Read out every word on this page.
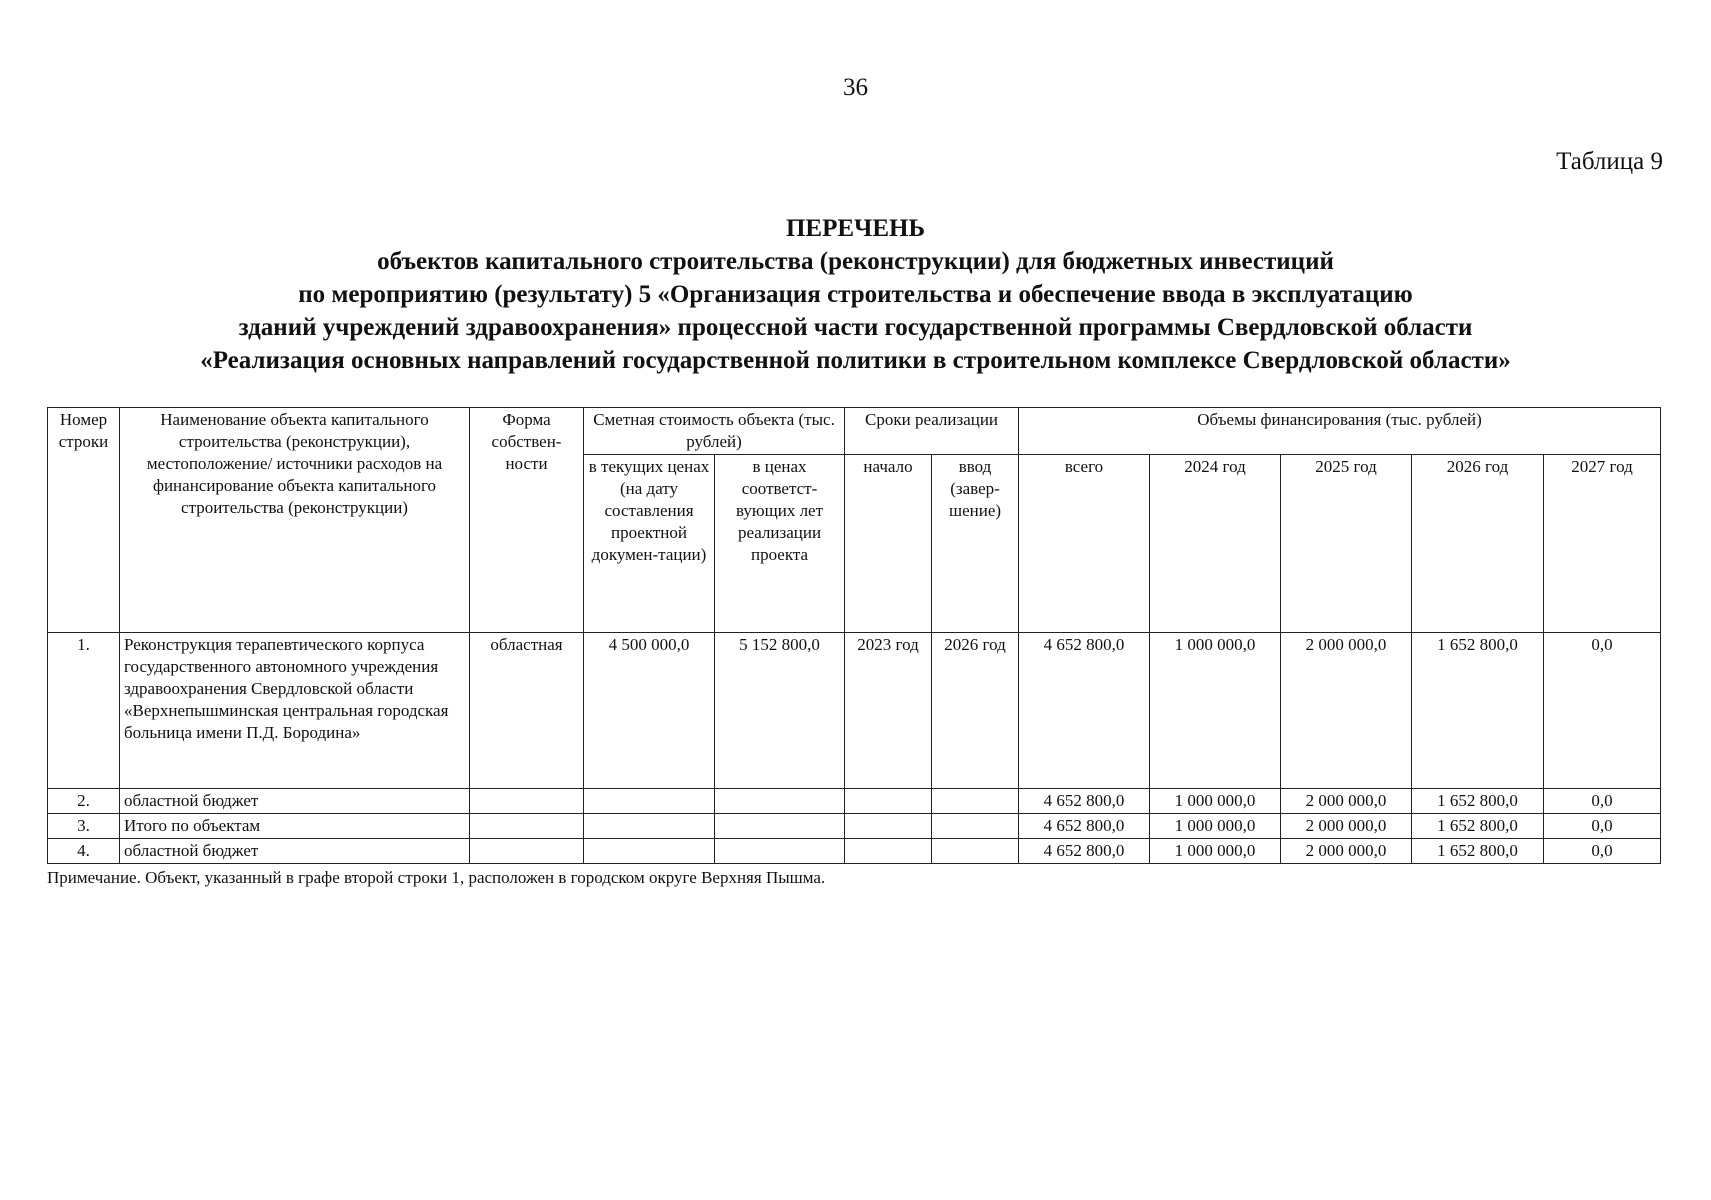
36
Таблица 9
ПЕРЕЧЕНЬ
объектов капитального строительства (реконструкции) для бюджетных инвестиций
по мероприятию (результату) 5 «Организация строительства и обеспечение ввода в эксплуатацию
зданий учреждений здравоохранения» процессной части государственной программы Свердловской области
«Реализация основных направлений государственной политики в строительном комплексе Свердловской области»
Номер строки	Наименование объекта капитального строительства (реконструкции), местоположение/ источники расходов на финансирование объекта капитального строительства (реконструкции)	Форма собствен-ности	Сметная стоимость объекта (тыс. рублей)		Сроки реализации		Объемы финансирования (тыс. рублей)				
			в текущих ценах (на дату составления проектной докумен-тации)	в ценах соответст-вующих лет реализации проекта	начало	ввод (завер-шение)	всего	2024 год	2025 год	2026 год	2027 год
1.	Реконструкция терапевтического корпуса государственного автономного учреждения здравоохранения Свердловской области «Верхнепышминская центральная городская больница имени П.Д. Бородина»	областная	4 500 000,0	5 152 800,0	2023 год	2026 год	4 652 800,0	1 000 000,0	2 000 000,0	1 652 800,0	0,0
2.	областной бюджет						4 652 800,0	1 000 000,0	2 000 000,0	1 652 800,0	0,0
3.	Итого по объектам						4 652 800,0	1 000 000,0	2 000 000,0	1 652 800,0	0,0
4.	областной бюджет						4 652 800,0	1 000 000,0	2 000 000,0	1 652 800,0	0,0
Примечание. Объект, указанный в графе второй строки 1, расположен в городском округе Верхняя Пышма.
